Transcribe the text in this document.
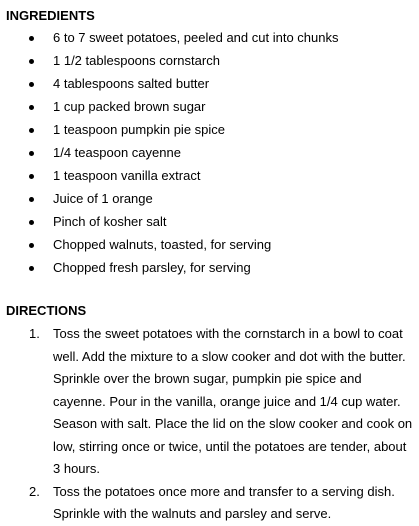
INGREDIENTS

6 to 7 sweet potatoes, peeled and cut into chunks
1 1/2 tablespoons cornstarch
4 tablespoons salted butter
1 cup packed brown sugar
1 teaspoon pumpkin pie spice
1/4 teaspoon cayenne
1 teaspoon vanilla extract
Juice of 1 orange
Pinch of kosher salt
Chopped walnuts, toasted, for serving
Chopped fresh parsley, for serving

DIRECTIONS

1. Toss the sweet potatoes with the cornstarch in a bowl to coat well. Add the mixture to a slow cooker and dot with the butter. Sprinkle over the brown sugar, pumpkin pie spice and cayenne. Pour in the vanilla, orange juice and 1/4 cup water. Season with salt. Place the lid on the slow cooker and cook on low, stirring once or twice, until the potatoes are tender, about 3 hours.
2. Toss the potatoes once more and transfer to a serving dish. Sprinkle with the walnuts and parsley and serve.
